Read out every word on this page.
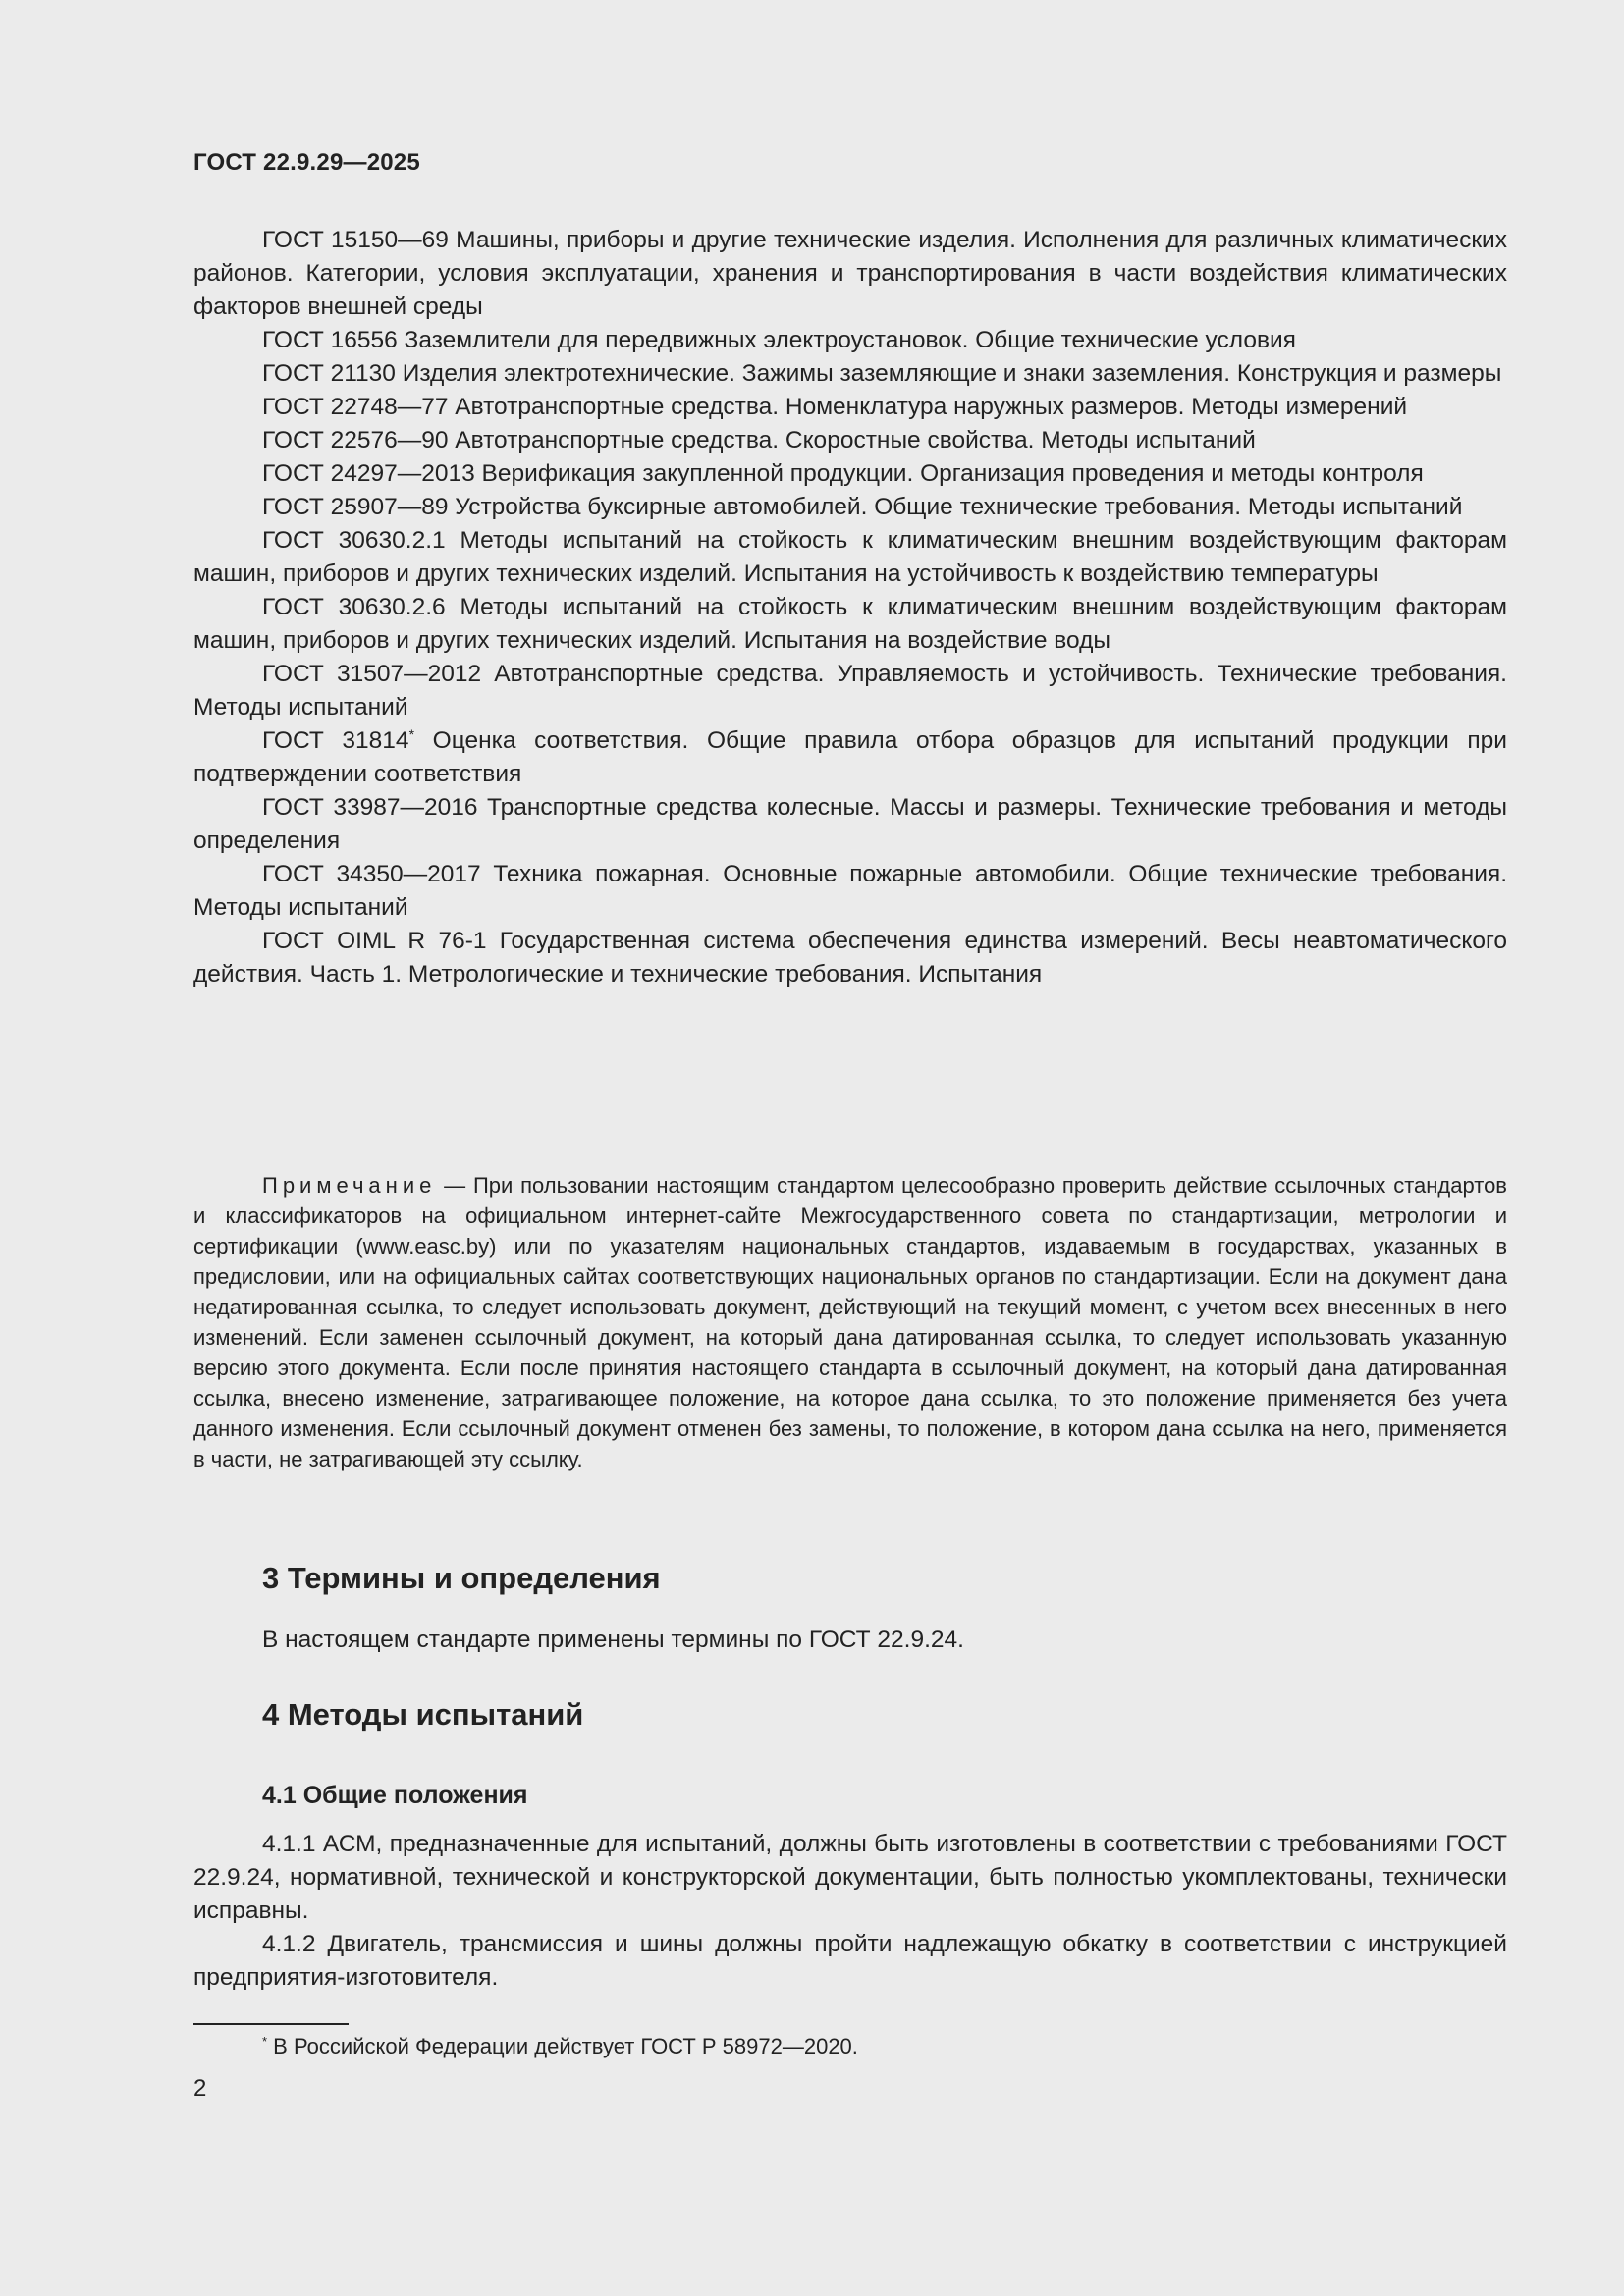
ГОСТ 22.9.29—2025

ГОСТ 15150—69 Машины, приборы и другие технические изделия. Исполнения для различных климатических районов. Категории, условия эксплуатации, хранения и транспортирования в части воздействия климатических факторов внешней среды

ГОСТ 16556 Заземлители для передвижных электроустановок. Общие технические условия

ГОСТ 21130 Изделия электротехнические. Зажимы заземляющие и знаки заземления. Конструкция и размеры

ГОСТ 22748—77 Автотранспортные средства. Номенклатура наружных размеров. Методы измерений

ГОСТ 22576—90 Автотранспортные средства. Скоростные свойства. Методы испытаний

ГОСТ 24297—2013 Верификация закупленной продукции. Организация проведения и методы контроля

ГОСТ 25907—89 Устройства буксирные автомобилей. Общие технические требования. Методы испытаний

ГОСТ 30630.2.1 Методы испытаний на стойкость к климатическим внешним воздействующим факторам машин, приборов и других технических изделий. Испытания на устойчивость к воздействию температуры

ГОСТ 30630.2.6 Методы испытаний на стойкость к климатическим внешним воздействующим факторам машин, приборов и других технических изделий. Испытания на воздействие воды

ГОСТ 31507—2012 Автотранспортные средства. Управляемость и устойчивость. Технические требования. Методы испытаний

ГОСТ 31814* Оценка соответствия. Общие правила отбора образцов для испытаний продукции при подтверждении соответствия

ГОСТ 33987—2016 Транспортные средства колесные. Массы и размеры. Технические требования и методы определения

ГОСТ 34350—2017 Техника пожарная. Основные пожарные автомобили. Общие технические требования. Методы испытаний

ГОСТ OIML R 76-1 Государственная система обеспечения единства измерений. Весы неавтоматического действия. Часть 1. Метрологические и технические требования. Испытания

Примечание — При пользовании настоящим стандартом целесообразно проверить действие ссылочных стандартов и классификаторов на официальном интернет-сайте Межгосударственного совета по стандартизации, метрологии и сертификации (www.easc.by) или по указателям национальных стандартов, издаваемым в государствах, указанных в предисловии, или на официальных сайтах соответствующих национальных органов по стандартизации. Если на документ дана недатированная ссылка, то следует использовать документ, действующий на текущий момент, с учетом всех внесенных в него изменений. Если заменен ссылочный документ, на который дана датированная ссылка, то следует использовать указанную версию этого документа. Если после принятия настоящего стандарта в ссылочный документ, на который дана датированная ссылка, внесено изменение, затрагивающее положение, на которое дана ссылка, то это положение применяется без учета данного изменения. Если ссылочный документ отменен без замены, то положение, в котором дана ссылка на него, применяется в части, не затрагивающей эту ссылку.

3 Термины и определения

В настоящем стандарте применены термины по ГОСТ 22.9.24.

4 Методы испытаний
4.1 Общие положения

4.1.1 АСМ, предназначенные для испытаний, должны быть изготовлены в соответствии с требованиями ГОСТ 22.9.24, нормативной, технической и конструкторской документации, быть полностью укомплектованы, технически исправны.

4.1.2 Двигатель, трансмиссия и шины должны пройти надлежащую обкатку в соответствии с инструкцией предприятия-изготовителя.

* В Российской Федерации действует ГОСТ Р 58972—2020.
2
